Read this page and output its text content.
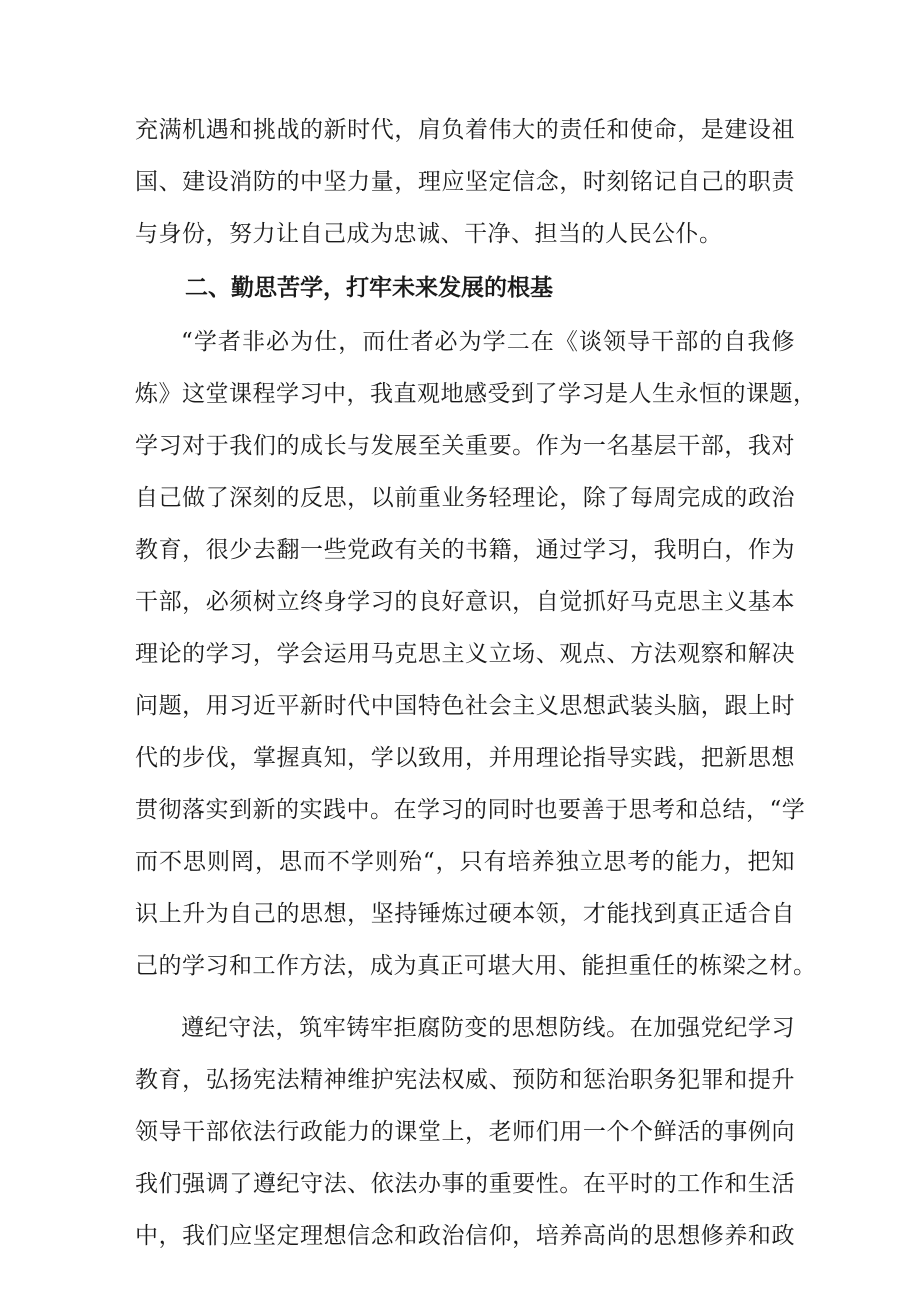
充满机遇和挑战的新时代，肩负着伟大的责任和使命，是建设祖
国、建设消防的中坚力量，理应坚定信念，时刻铭记自己的职责
与身份，努力让自己成为忠诚、干净、担当的人民公仆。
二、勤思苦学，打牢未来发展的根基
“学者非必为仕，而仕者必为学二在《谈领导干部的自我修
炼》这堂课程学习中，我直观地感受到了学习是人生永恒的课题，
学习对于我们的成长与发展至关重要。作为一名基层干部，我对
自己做了深刻的反思，以前重业务轻理论，除了每周完成的政治
教育，很少去翻一些党政有关的书籍，通过学习，我明白，作为
干部，必须树立终身学习的良好意识，自觉抓好马克思主义基本
理论的学习，学会运用马克思主义立场、观点、方法观察和解决
问题，用习近平新时代中国特色社会主义思想武装头脑，跟上时
代的步伐，掌握真知，学以致用，并用理论指导实践，把新思想
贯彻落实到新的实践中。在学习的同时也要善于思考和总结，“学
而不思则罔，思而不学则殆“，只有培养独立思考的能力，把知
识上升为自己的思想，坚持锤炼过硬本领，才能找到真正适合自
己的学习和工作方法，成为真正可堪大用、能担重任的栋梁之材。
遵纪守法，筑牢铸牢拒腐防变的思想防线。在加强党纪学习
教育，弘扬宪法精神维护宪法权威、预防和惩治职务犯罪和提升
领导干部依法行政能力的课堂上，老师们用一个个鲜活的事例向
我们强调了遵纪守法、依法办事的重要性。在平时的工作和生活
中，我们应坚定理想信念和政治信仰，培养高尚的思想修养和政
